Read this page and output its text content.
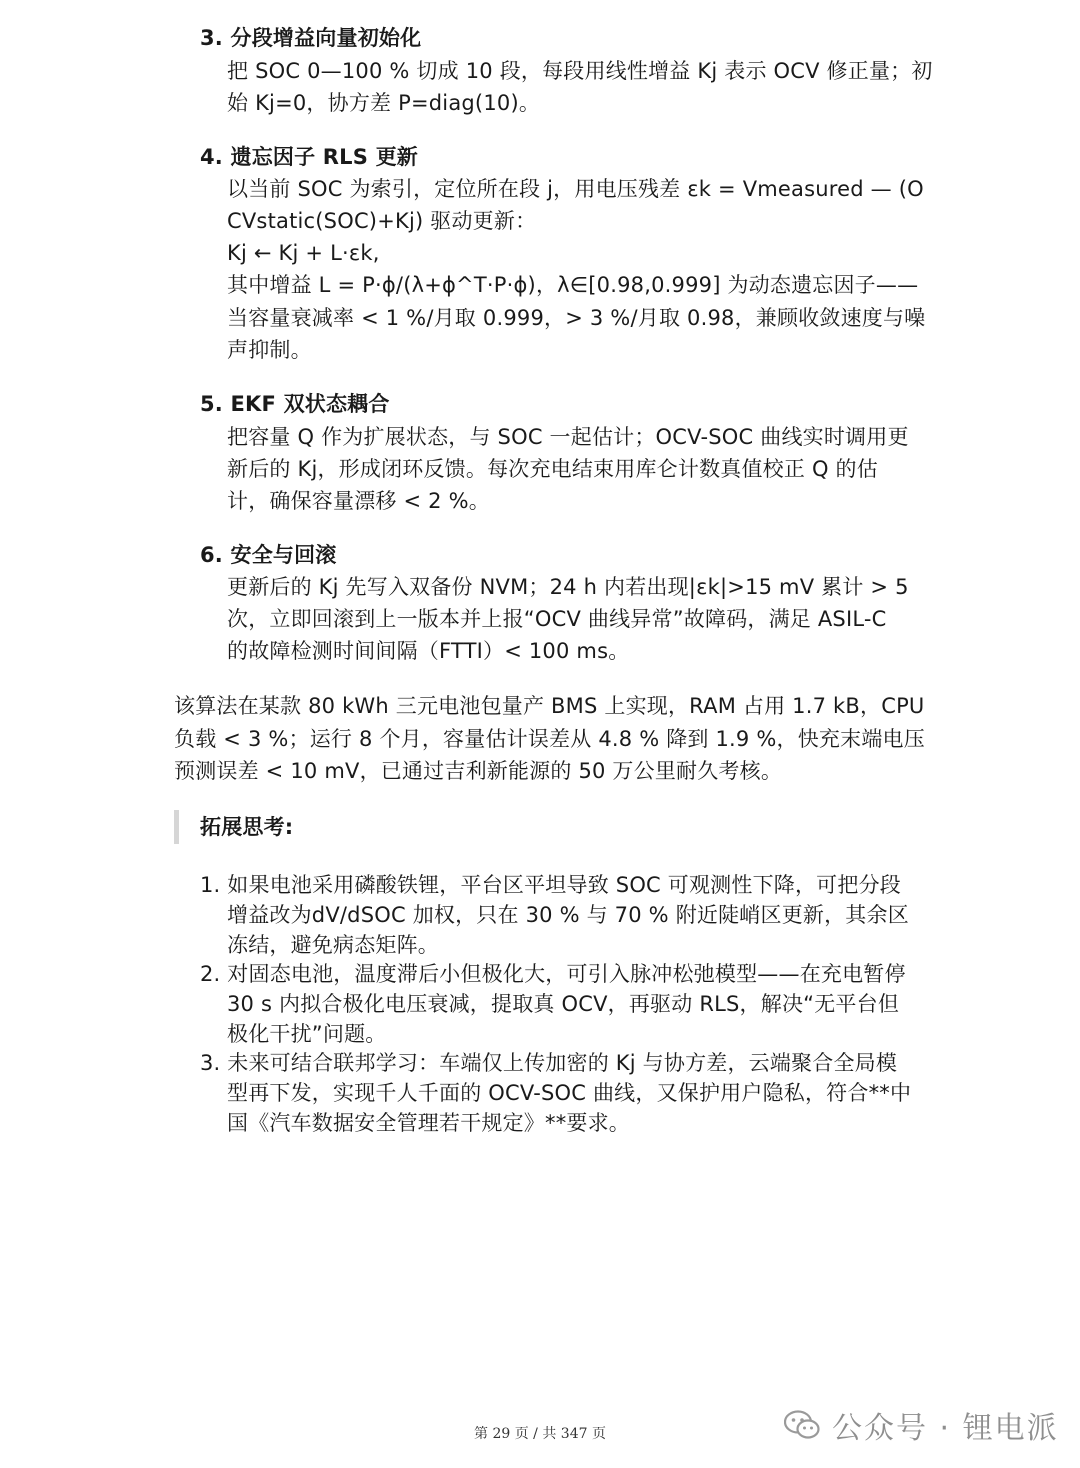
3. 分段增益向量初始化
把 SOC 0—100 % 切成 10 段，每段用线性增益 Kj 表示 OCV 修正量；初
始 Kj=0，协方差 P=diag(10)。
4. 遗忘因子 RLS 更新
以当前 SOC 为索引，定位所在段 j，用电压残差 εk = Vmeasured — (O
CVstatic(SOC)+Kj) 驱动更新：
Kj ← Kj + L·εk,
其中增益 L = P·ϕ/(λ+ϕ^T·P·ϕ)，λ∈[0.98,0.999] 为动态遗忘因子——
当容量衰减率 < 1 %/月取 0.999，> 3 %/月取 0.98，兼顾收敛速度与噪
声抑制。
5. EKF 双状态耦合
把容量 Q 作为扩展状态，与 SOC 一起估计；OCV-SOC 曲线实时调用更
新后的 Kj，形成闭环反馈。每次充电结束用库仑计数真值校正 Q 的估
计，确保容量漂移 < 2 %。
6. 安全与回滚
更新后的 Kj 先写入双备份 NVM；24 h 内若出现|εk|>15 mV 累计 > 5
次，立即回滚到上一版本并上报“OCV 曲线异常”故障码，满足 ASIL-C
的故障检测时间间隔（FTTI）< 100 ms。
该算法在某款 80 kWh 三元电池包量产 BMS 上实现，RAM 占用 1.7 kB，CPU
负载 < 3 %；运行 8 个月，容量估计误差从 4.8 % 降到 1.9 %，快充末端电压
预测误差 < 10 mV，已通过吉利新能源的 50 万公里耐久考核。
拓展思考:
1. 如果电池采用磷酸铁锂，平台区平坦导致 SOC 可观测性下降，可把分段
增益改为dV/dSOC 加权，只在 30 % 与 70 % 附近陡峭区更新，其余区
冻结，避免病态矩阵。
2. 对固态电池，温度滞后小但极化大，可引入脉冲松弛模型——在充电暂停
30 s 内拟合极化电压衰减，提取真 OCV，再驱动 RLS，解决“无平台但
极化干扰”问题。
3. 未来可结合联邦学习：车端仅上传加密的 Kj 与协方差，云端聚合全局模
型再下发，实现千人千面的 OCV-SOC 曲线，又保护用户隐私，符合**中
国《汽车数据安全管理若干规定》**要求。
第 29 页 / 共 347 页	公众号 · 锂电派
